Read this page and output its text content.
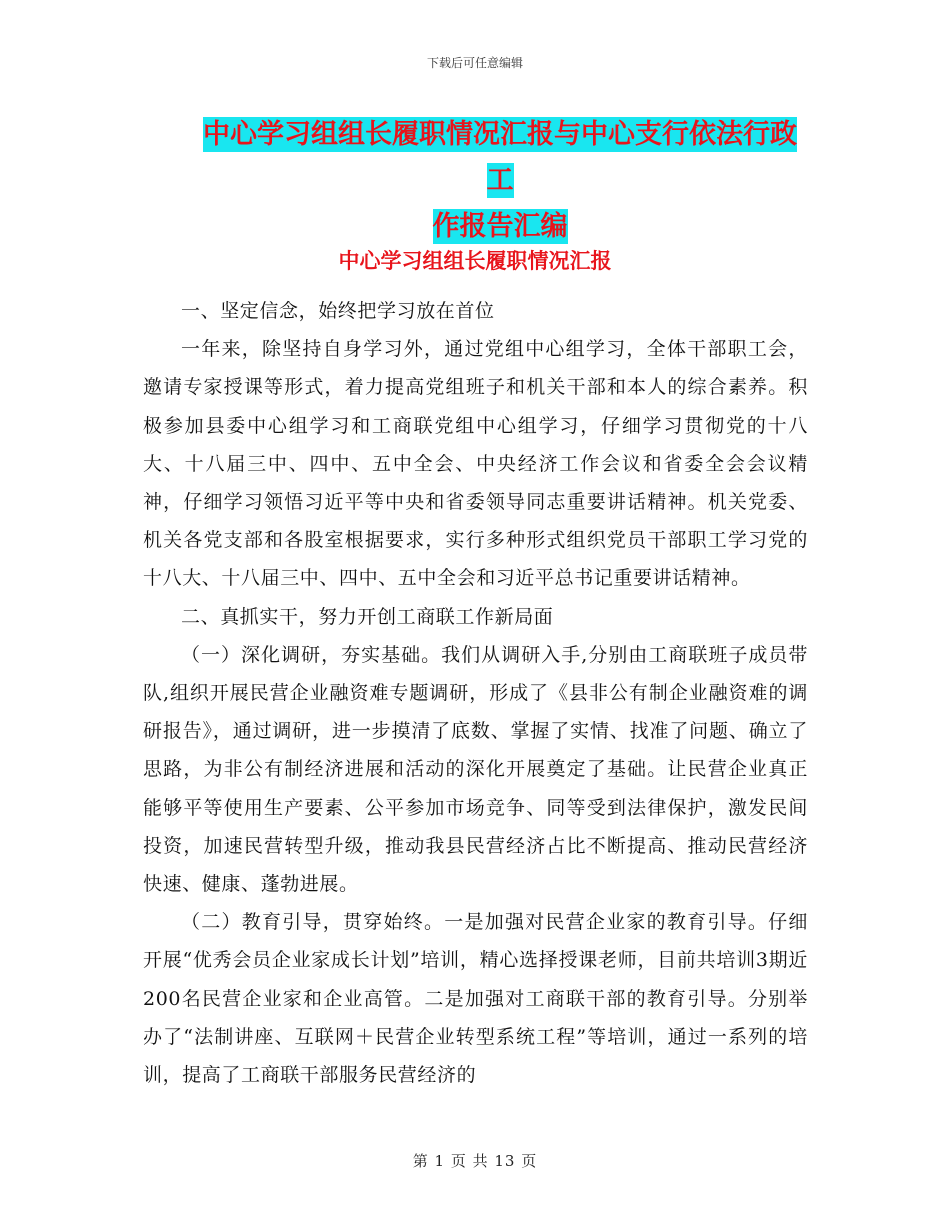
下载后可任意编辑
中心学习组组长履职情况汇报与中心支行依法行政工
作报告汇编
中心学习组组长履职情况汇报

一、坚定信念，始终把学习放在首位

一年来，除坚持自身学习外，通过党组中心组学习，全体干部职工会，邀请专家授课等形式，着力提高党组班子和机关干部和本人的综合素养。积极参加县委中心组学习和工商联党组中心组学习，仔细学习贯彻党的十八大、十八届三中、四中、五中全会、中央经济工作会议和省委全会会议精神，仔细学习领悟习近平等中央和省委领导同志重要讲话精神。机关党委、机关各党支部和各股室根据要求，实行多种形式组织党员干部职工学习党的十八大、十八届三中、四中、五中全会和习近平总书记重要讲话精神。

二、真抓实干，努力开创工商联工作新局面

（一）深化调研，夯实基础。我们从调研入手,分别由工商联班子成员带队,组织开展民营企业融资难专题调研，形成了《县非公有制企业融资难的调研报告》，通过调研，进一步摸清了底数、掌握了实情、找准了问题、确立了思路，为非公有制经济进展和活动的深化开展奠定了基础。让民营企业真正能够平等使用生产要素、公平参加市场竞争、同等受到法律保护，激发民间投资，加速民营转型升级，推动我县民营经济占比不断提高、推动民营经济快速、健康、蓬勃进展。

（二）教育引导，贯穿始终。一是加强对民营企业家的教育引导。仔细开展“优秀会员企业家成长计划”培训，精心选择授课老师，目前共培训3期近200名民营企业家和企业高管。二是加强对工商联干部的教育引导。分别举办了“法制讲座、互联网＋民营企业转型系统工程”等培训，通过一系列的培训，提高了工商联干部服务民营经济的

第 1 页 共 13 页
